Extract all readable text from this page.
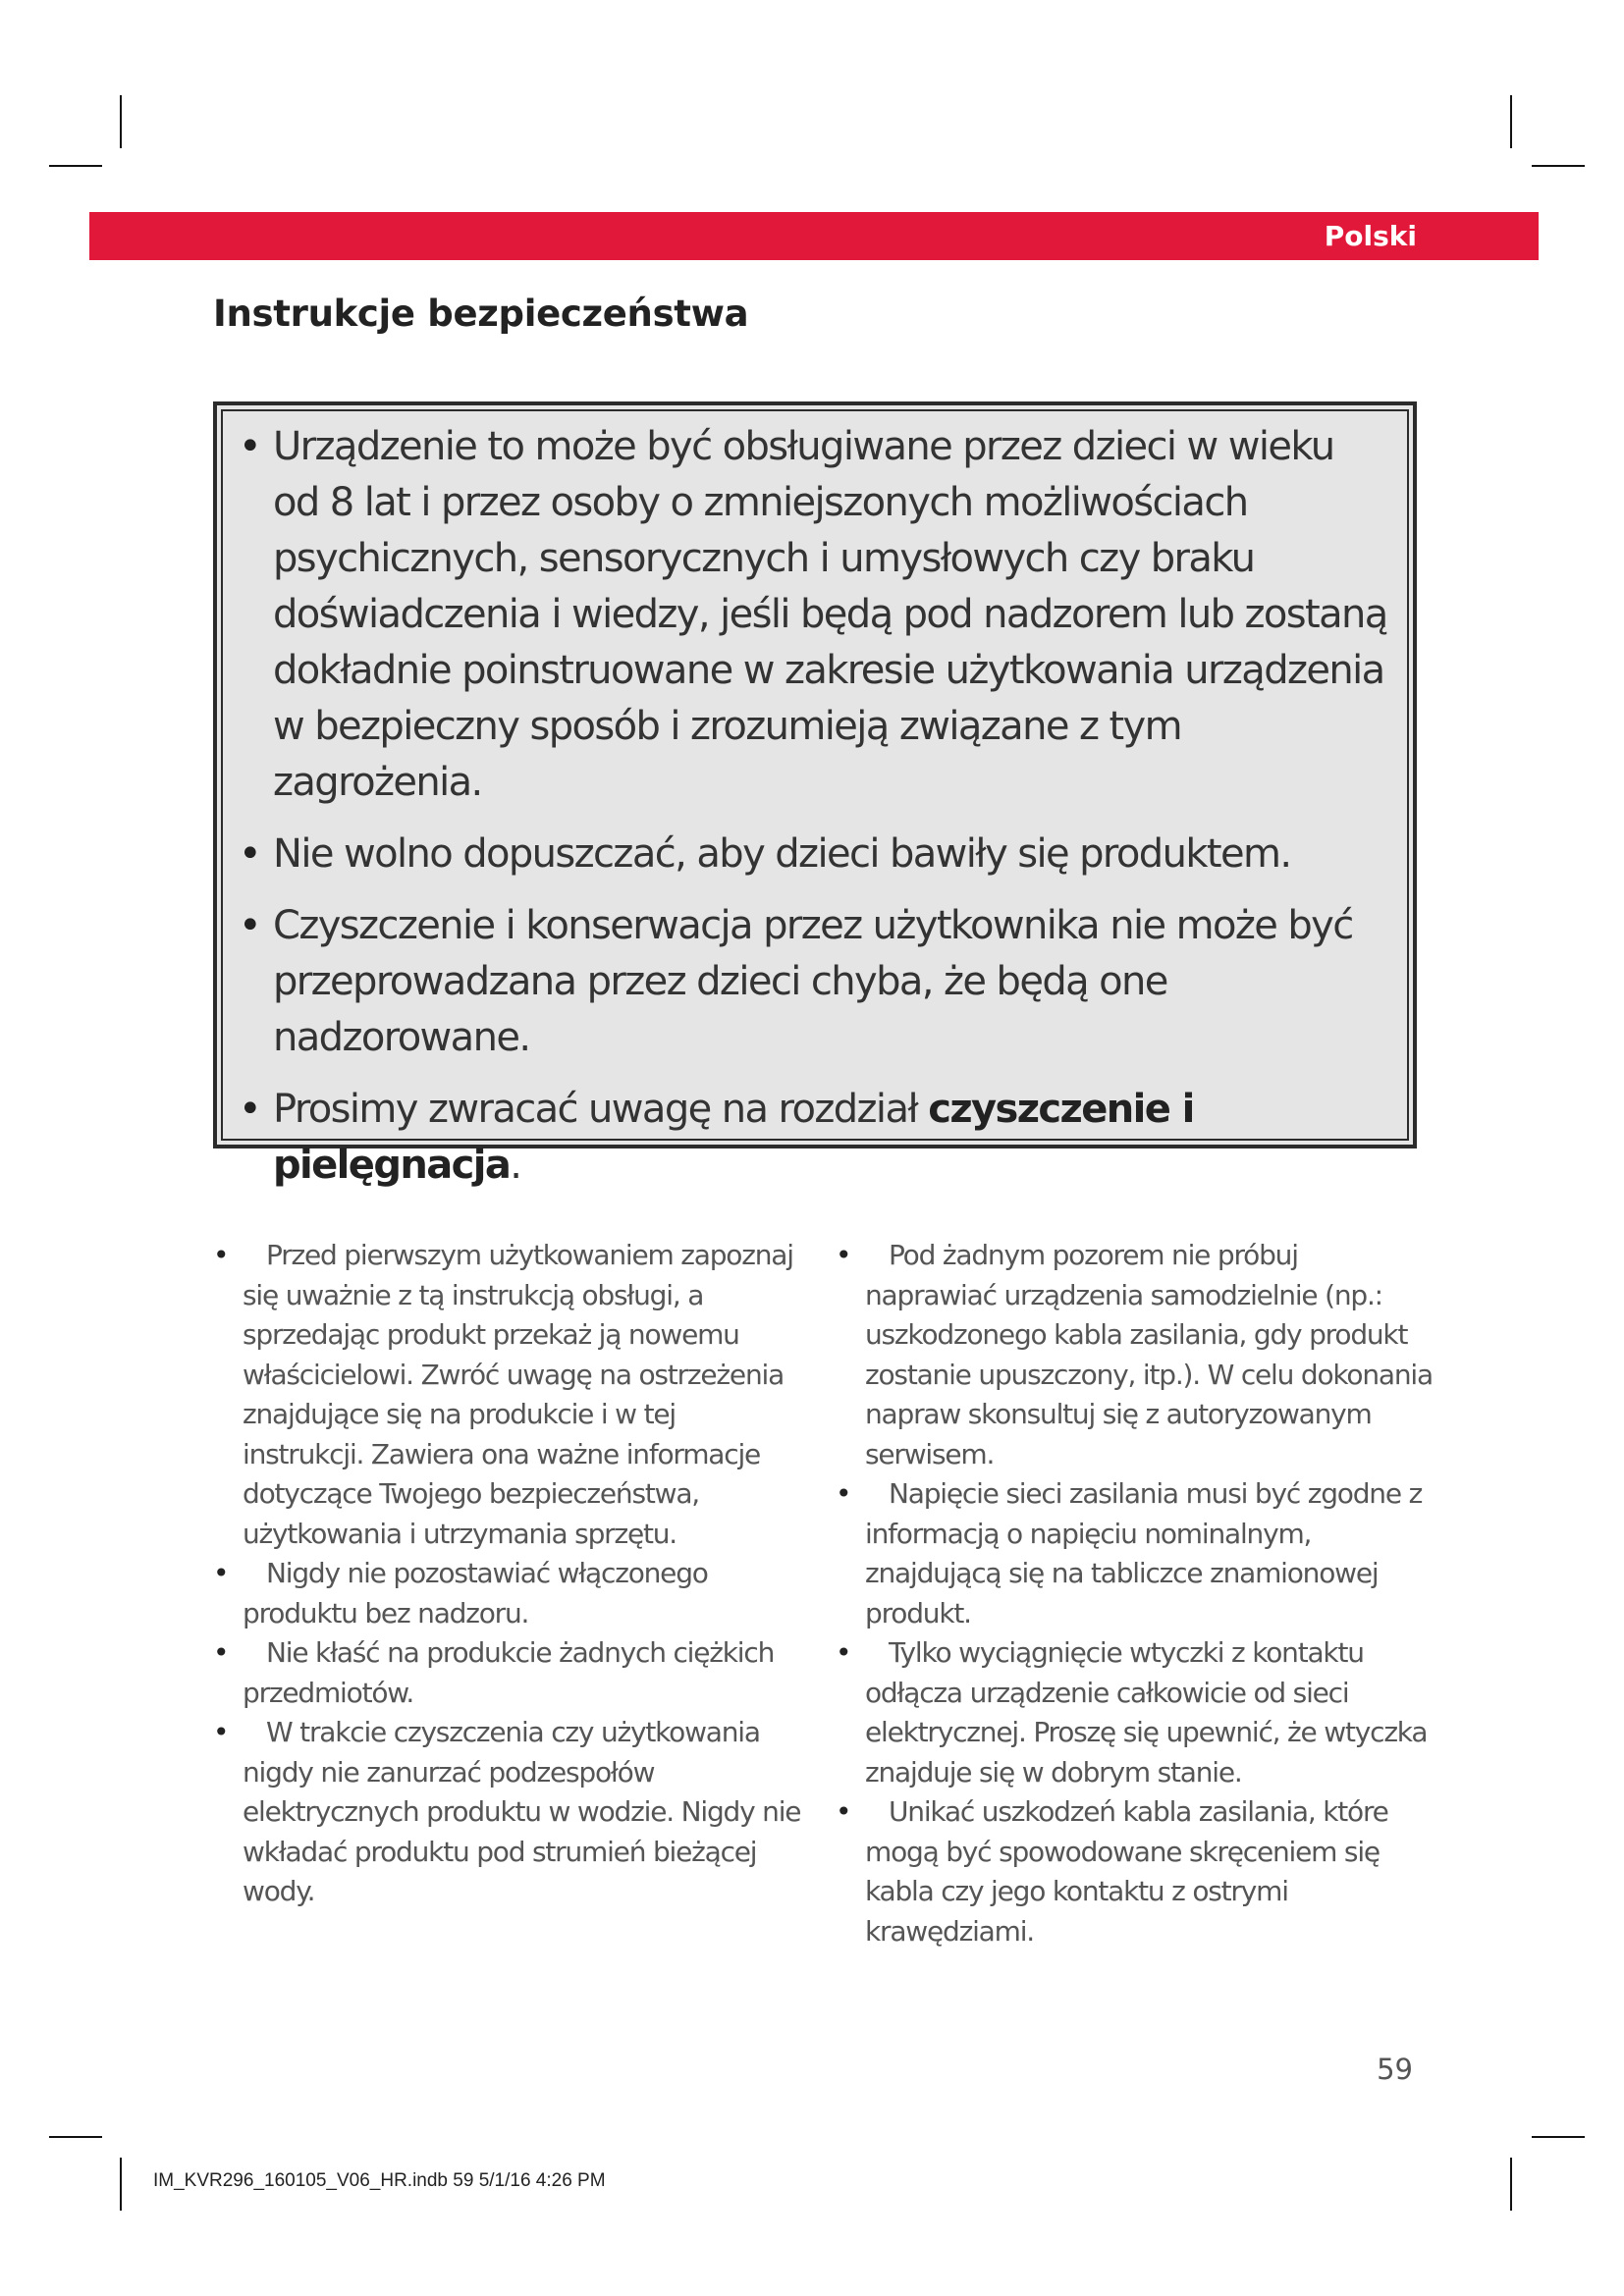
Polski
Instrukcje bezpieczeństwa
• Urządzenie to może być obsługiwane przez dzieci w wieku od 8 lat i przez osoby o zmniejszonych możliwościach psychicznych, sensorycznych i umysłowych czy braku doświadczenia i wiedzy, jeśli będą pod nadzorem lub zostaną dokładnie poinstruowane w zakresie użytkowania urządzenia w bezpieczny sposób i zrozumieją związane z tym zagrożenia.
• Nie wolno dopuszczać, aby dzieci bawiły się produktem.
• Czyszczenie i konserwacja przez użytkownika nie może być przeprowadzana przez dzieci chyba, że będą one nadzorowane.
• Prosimy zwracać uwagę na rozdział czyszczenie i pielęgnacja.
• Przed pierwszym użytkowaniem zapoznaj się uważnie z tą instrukcją obsługi, a sprzedając produkt przekaż ją nowemu właścicielowi. Zwróć uwagę na ostrzeżenia znajdujące się na produkcie i w tej instrukcji. Zawiera ona ważne informacje dotyczące Twojego bezpieczeństwa, użytkowania i utrzymania sprzętu.
• Nigdy nie pozostawiać włączonego produktu bez nadzoru.
• Nie kłaść na produkcie żadnych ciężkich przedmiotów.
• W trakcie czyszczenia czy użytkowania nigdy nie zanurzać podzespołów elektrycznych produktu w wodzie. Nigdy nie wkładać produktu pod strumień bieżącej wody.
• Pod żadnym pozorem nie próbuj naprawiać urządzenia samodzielnie (np.: uszkodzonego kabla zasilania, gdy produkt zostanie upuszczony, itp.). W celu dokonania napraw skonsultuj się z autoryzowanym serwisem.
• Napięcie sieci zasilania musi być zgodne z informacją o napięciu nominalnym, znajdującą się na tabliczce znamionowej produkt.
• Tylko wyciągnięcie wtyczki z kontaktu odłącza urządzenie całkowicie od sieci elektrycznej. Proszę się upewnić, że wtyczka znajduje się w dobrym stanie.
• Unikać uszkodzeń kabla zasilania, które mogą być spowodowane skręceniem się kabla czy jego kontaktu z ostrymi krawędziami.
59
IM_KVR296_160105_V06_HR.indb 59 5/1/16 4:26 PM
